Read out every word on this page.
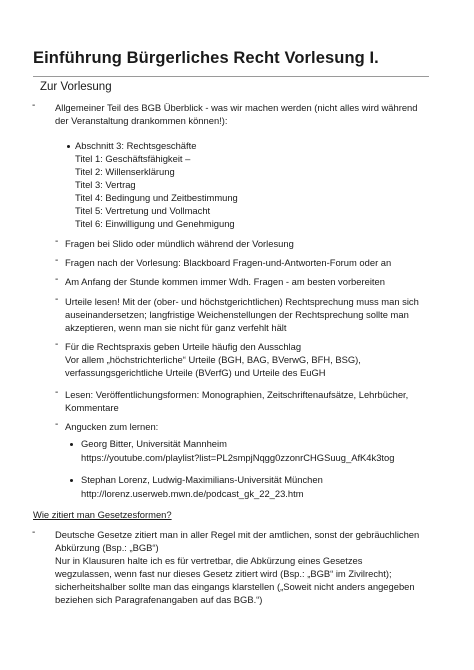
Einführung Bürgerliches Recht Vorlesung I.
Zur Vorlesung
- Allgemeiner Teil des BGB Überblick - was wir machen werden (nicht alles wird während
der Veranstaltung drankommen können!):
Abschnitt 3: Rechtsgeschäfte
Titel 1: Geschäftsfähigkeit –
Titel 2: Willenserklärung
Titel 3: Vertrag
Titel 4: Bedingung und Zeitbestimmung
Titel 5: Vertretung und Vollmacht
Titel 6: Einwilligung und Genehmigung
- Fragen bei Slido oder mündlich während der Vorlesung
- Fragen nach der Vorlesung: Blackboard Fragen-und-Antworten-Forum oder an
- Am Anfang der Stunde kommen immer Wdh. Fragen - am besten vorbereiten
- Urteile lesen! Mit der (ober- und höchstgerichtlichen) Rechtsprechung muss man sich
auseinandersetzen; langfristige Weichenstellungen der Rechtsprechung sollte man
akzeptieren, wenn man sie nicht für ganz verfehlt hält
- Für die Rechtspraxis geben Urteile häufig den Ausschlag
Vor allem „höchstrichterliche“ Urteile (BGH, BAG, BVerwG, BFH, BSG),
verfassungsgerichtliche Urteile (BVerfG) und Urteile des EuGH
- Lesen: Veröffentlichungsformen: Monographien, Zeitschriftenaufsätze, Lehrbücher,
Kommentare
- Angucken zum lernen:
Georg Bitter, Universität Mannheim
https://youtube.com/playlist?list=PL2smpjNqgg0zzonrCHGSuug_AfK4k3tog
Stephan Lorenz, Ludwig-Maximilians-Universität München
http://lorenz.userweb.mwn.de/podcast_gk_22_23.htm
Wie zitiert man Gesetzesformen?
- Deutsche Gesetze zitiert man in aller Regel mit der amtlichen, sonst der gebräuchlichen
Abkürzung (Bsp.: „BGB“)
Nur in Klausuren halte ich es für vertretbar, die Abkürzung eines Gesetzes
wegzulassen, wenn fast nur dieses Gesetz zitiert wird (Bsp.: „BGB“ im Zivilrecht);
sicherheitshalber sollte man das eingangs klarstellen („Soweit nicht anders angegeben
beziehen sich Paragrafenangaben auf das BGB.“)
